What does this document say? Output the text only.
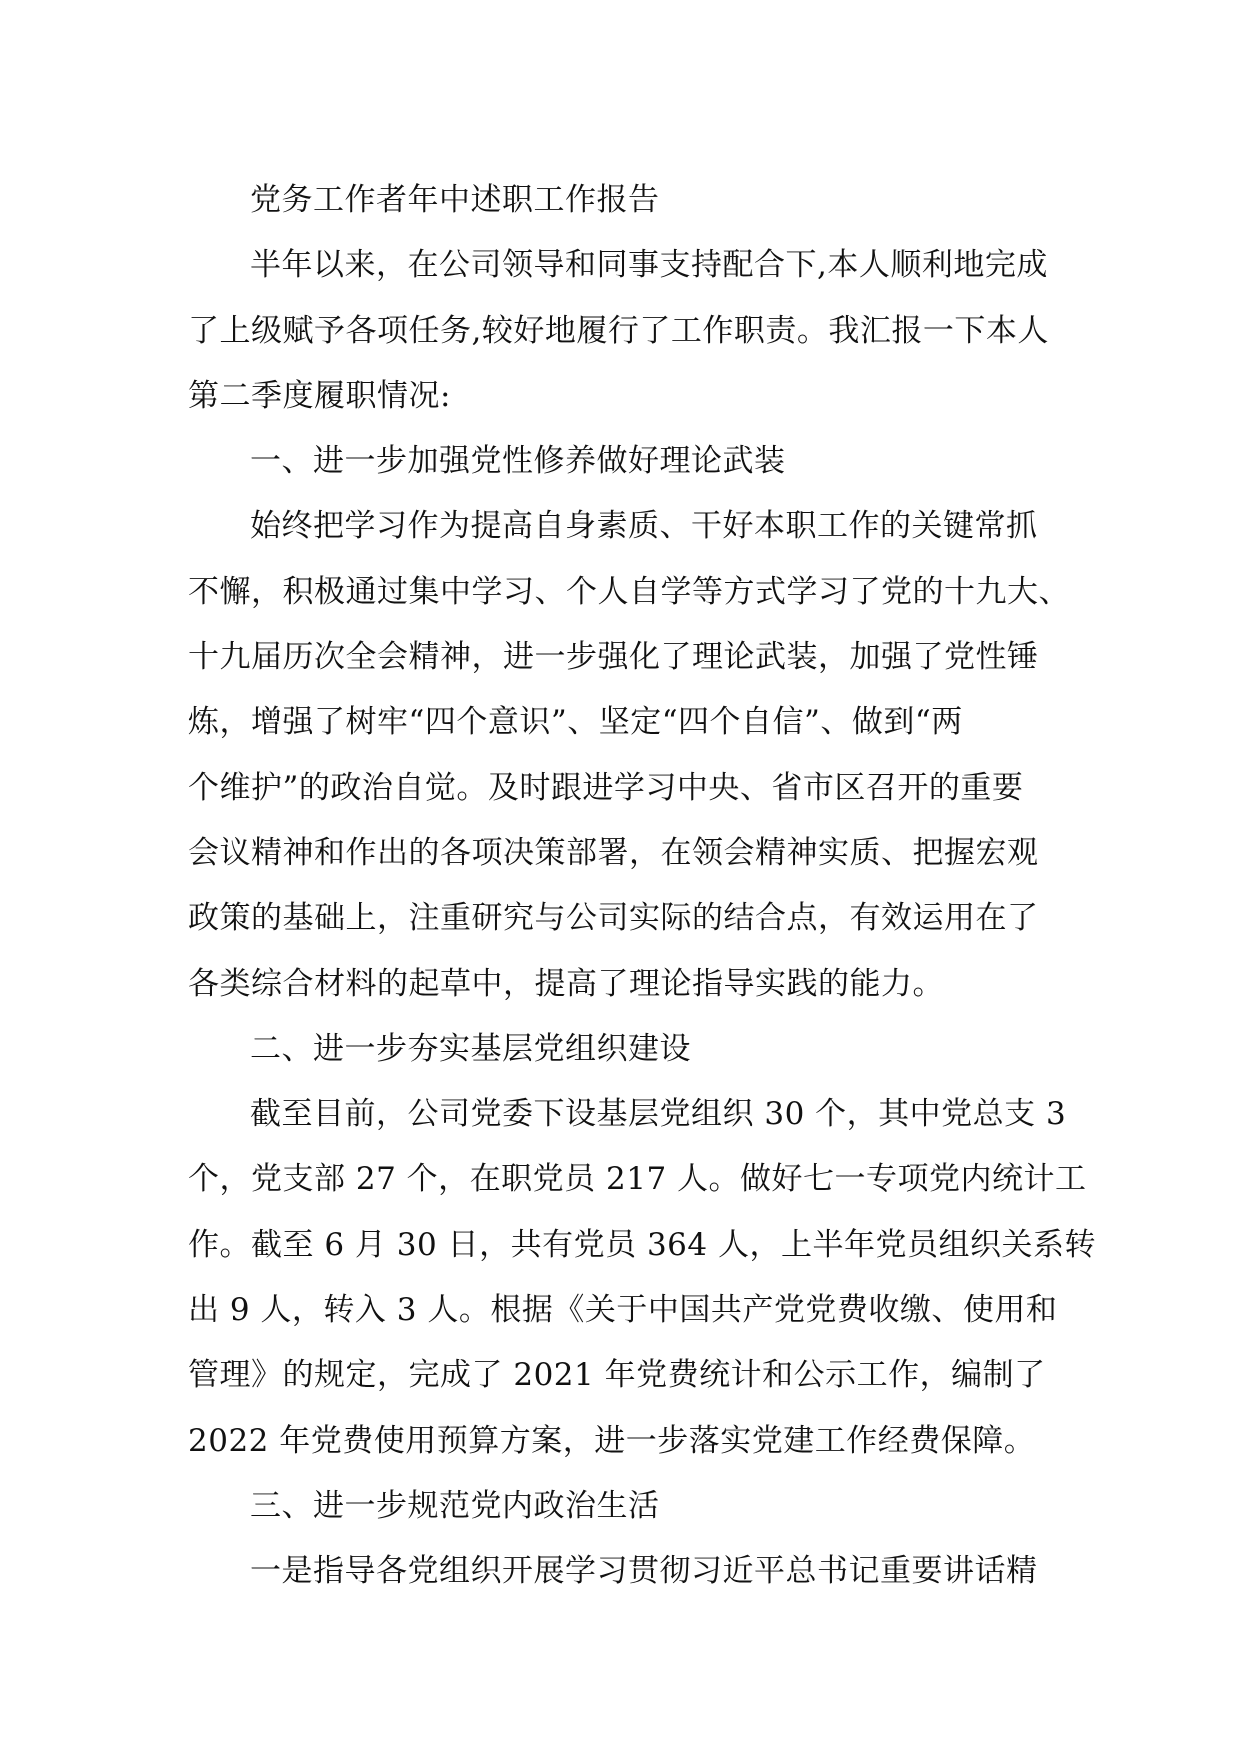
党务工作者年中述职工作报告
半年以来，在公司领导和同事支持配合下,本人顺利地完成
了上级赋予各项任务,较好地履行了工作职责。我汇报一下本人
第二季度履职情况:
一、进一步加强党性修养做好理论武装
始终把学习作为提高自身素质、干好本职工作的关键常抓
不懈，积极通过集中学习、个人自学等方式学习了党的十九大、
十九届历次全会精神，进一步强化了理论武装，加强了党性锤
炼，增强了树牢“四个意识”、坚定“四个自信”、做到“两
个维护”的政治自觉。及时跟进学习中央、省市区召开的重要
会议精神和作出的各项决策部署，在领会精神实质、把握宏观
政策的基础上，注重研究与公司实际的结合点，有效运用在了
各类综合材料的起草中，提高了理论指导实践的能力。
二、进一步夯实基层党组织建设
截至目前，公司党委下设基层党组织 30 个，其中党总支 3
个，党支部 27 个，在职党员 217 人。做好七一专项党内统计工
作。截至 6 月 30 日，共有党员 364 人，上半年党员组织关系转
出 9 人，转入 3 人。根据《关于中国共产党党费收缴、使用和
管理》的规定，完成了 2021 年党费统计和公示工作，编制了
2022 年党费使用预算方案，进一步落实党建工作经费保障。
三、进一步规范党内政治生活
一是指导各党组织开展学习贯彻习近平总书记重要讲话精
